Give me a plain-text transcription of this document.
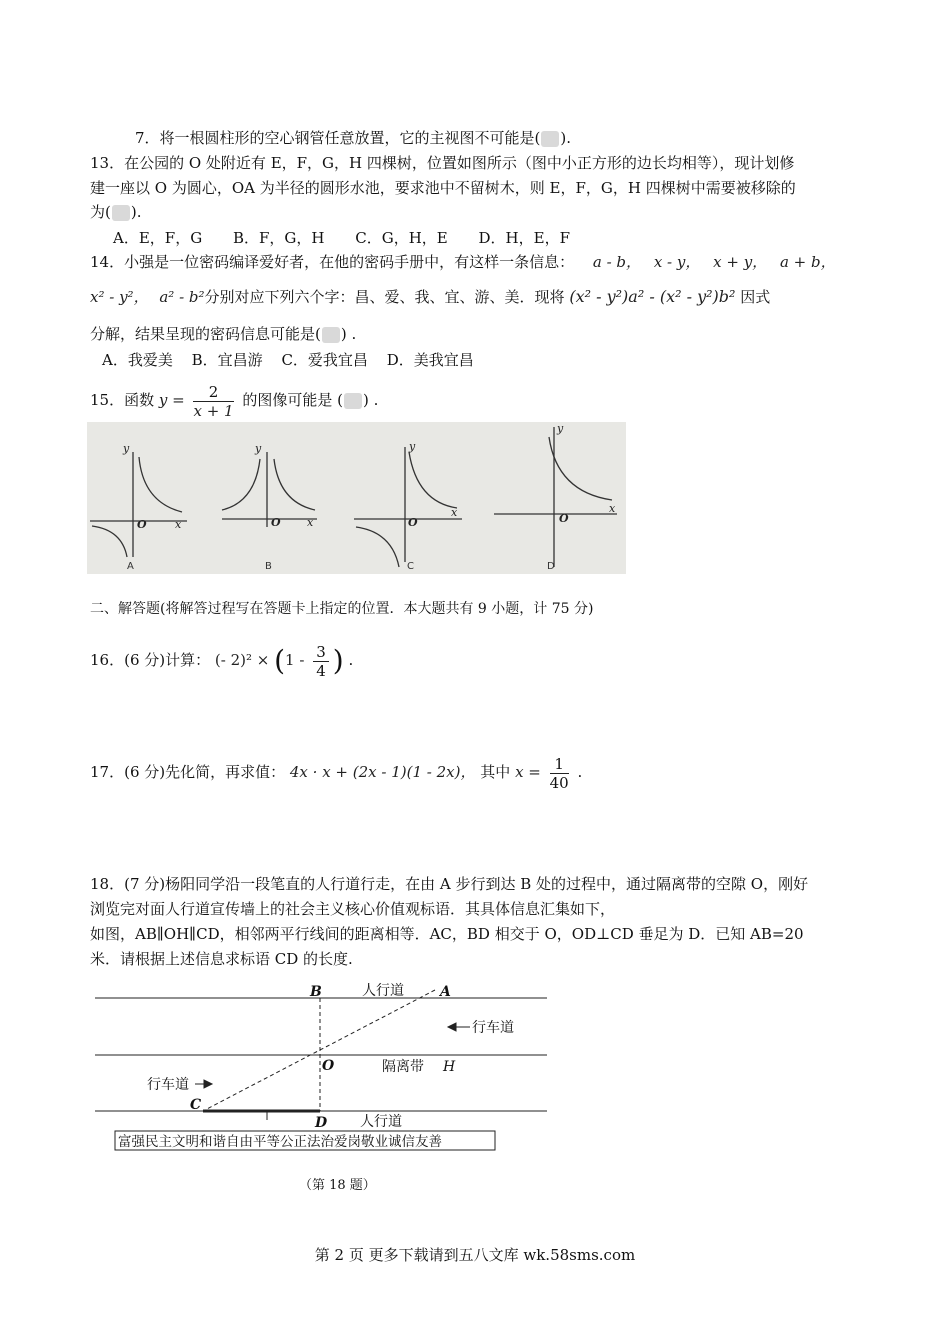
7．将一根圆柱形的空心钢管任意放置，它的主视图不可能是( ).
13．在公园的 O 处附近有 E，F，G，H 四棵树，位置如图所示（图中小正方形的边长均相等），现计划修
建一座以 O 为圆心，OA 为半径的圆形水池，要求池中不留树木，则 E，F，G，H 四棵树中需要被移除的
为( ).
A．E，F，G B．F，G，H C．G，H，E D．H，E，F
14．小强是一位密码编译爱好者，在他的密码手册中，有这样一条信息： a - b， x - y， x + y， a + b，
x² - y²， a² - b²分别对应下列六个字：昌、爱、我、宜、游、美．现将 (x² - y²)a² - (x² - y²)b² 因式
分解，结果呈现的密码信息可能是( ) .
A．我爱美 B．宜昌游 C．爱我宜昌 D．美我宜昌
15．函数 $y = \frac{2}{x + 1}$ 的图像可能是 ( ) .
y
O	x
y
O x
y
O
x
y
O
x
A	B	C	D
二、解答题(将解答过程写在答题卡上指定的位置．本大题共有 9 小题，计 75 分)
16．(6 分)计算： (- $2)^2 \times (1 - \frac{3}{4}$ ) .
17．(6 分)先化简，再求值： 4x · x + (2x - 1)(1 - 2x)， 其中 $x = \frac{1}{40}$ .
18．(7 分)杨阳同学沿一段笔直的人行道行走，在由 A 步行到达 B 处的过程中，通过隔离带的空隙 O，刚好
浏览完对面人行道宣传墙上的社会主义核心价值观标语．其具体信息汇集如下，
如图，AB∥OH∥CD，相邻两平行线间的距离相等．AC，BD 相交于 O，OD⊥CD 垂足为 D．已知 AB=20
米．请根据上述信息求标语 CD 的长度.
B	A
O	H
C
D
人行道
行车道
隔离带
行车道
人行道
富强民主文明和谐自由平等公正法治爱岗敬业诚信友善
（第 18 题）
第 2 页 更多下载请到五八文库 wk.58sms.com
